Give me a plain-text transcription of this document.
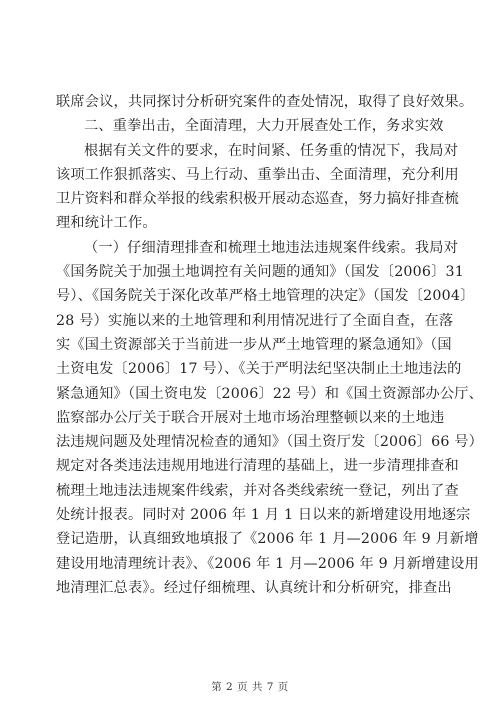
联席会议，共同探讨分析研究案件的查处情况，取得了良好效果。

二、重拳出击，全面清理，大力开展查处工作，务求实效

根据有关文件的要求，在时间紧、任务重的情况下，我局对
该项工作狠抓落实、马上行动、重拳出击、全面清理，充分利用
卫片资料和群众举报的线索积极开展动态巡查，努力搞好排查梳
理和统计工作。

（一）仔细清理排查和梳理土地违法违规案件线索。我局对
《国务院关于加强土地调控有关问题的通知》（国发〔2006〕31
号）、《国务院关于深化改革严格土地管理的决定》（国发〔2004〕
28 号）实施以来的土地管理和利用情况进行了全面自查，在落
实《国土资源部关于当前进一步从严土地管理的紧急通知》（国
土资电发〔2006〕17 号）、《关于严明法纪坚决制止土地违法的
紧急通知》（国土资电发〔2006〕22 号）和《国土资源部办公厅、
监察部办公厅关于联合开展对土地市场治理整顿以来的土地违
法违规问题及处理情况检查的通知》（国土资厅发〔2006〕66 号）
规定对各类违法违规用地进行清理的基础上，进一步清理排查和
梳理土地违法违规案件线索，并对各类线索统一登记，列出了查
处统计报表。同时对 2006 年 1 月 1 日以来的新增建设用地逐宗
登记造册，认真细致地填报了《2006 年 1 月—2006 年 9 月新增
建设用地清理统计表》、《2006 年 1 月—2006 年 9 月新增建设用
地清理汇总表》。经过仔细梳理、认真统计和分析研究，排查出

第 2 页 共 7 页
